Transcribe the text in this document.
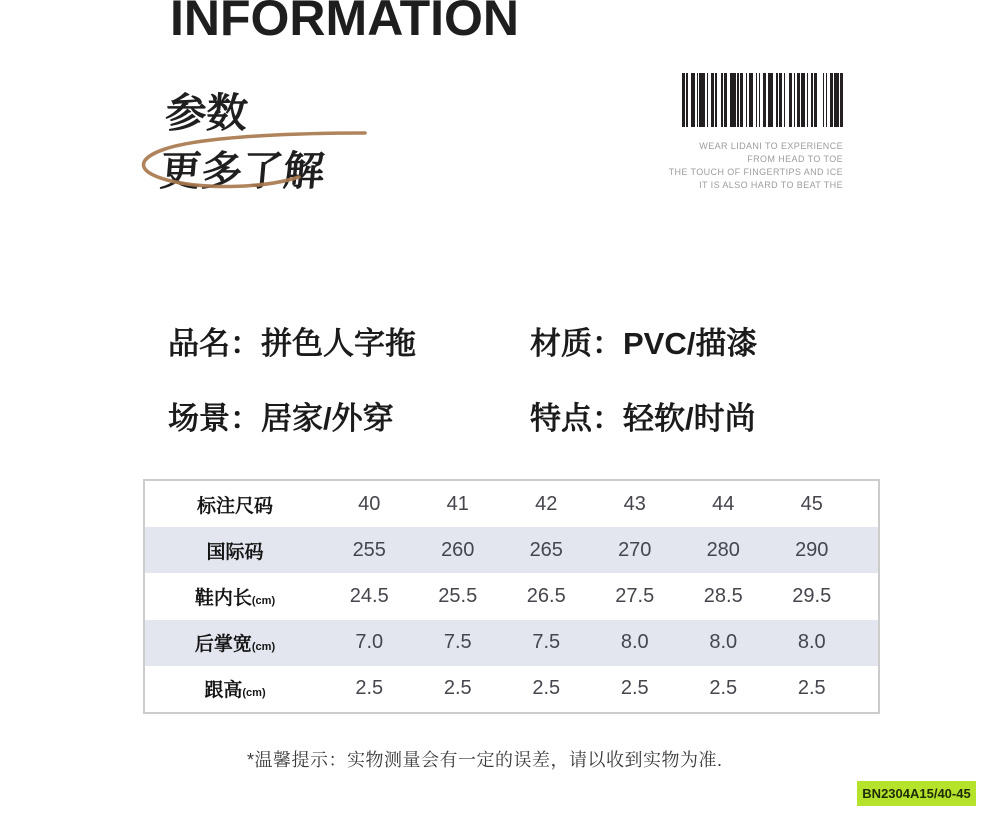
INFORMATION
参数
更多了解
WEAR LIDANI TO EXPERIENCE
FROM HEAD TO TOE
THE TOUCH OF FINGERTIPS AND ICE
IT IS ALSO HARD TO BEAT THE
品名：拼色人字拖	材质：PVC/描漆
场景：居家/外穿	特点：轻软/时尚
标注尺码	40	41	42	43	44	45
国际码	255	260	265	270	280	290
鞋内长(cm)	24.5	25.5	26.5	27.5	28.5	29.5
后掌宽(cm)	7.0	7.5	7.5	8.0	8.0	8.0
跟高(cm)	2.5	2.5	2.5	2.5	2.5	2.5
*温馨提示：实物测量会有一定的误差，请以收到实物为准.
BN2304A15/40-45
